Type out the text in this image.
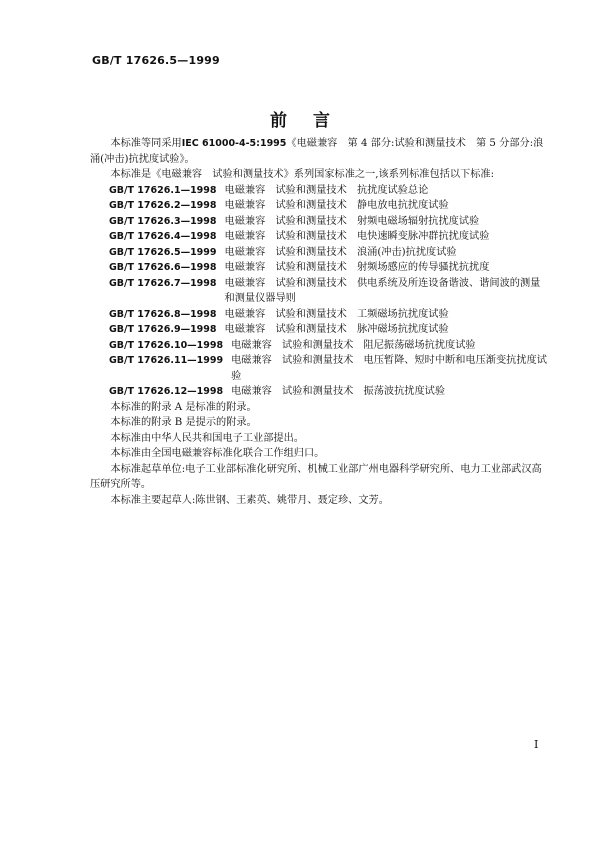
GB/T 17626.5—1999
前言

本标准等同采用IEC 61000-4-5:1995《电磁兼容　第 4 部分:试验和测量技术　第 5 分部分:浪涌(冲击)抗扰度试验》。

本标准是《电磁兼容　试验和测量技术》系列国家标准之一,该系列标准包括以下标准:

GB/T 17626.1—1998 电磁兼容　试验和测量技术　抗扰度试验总论
GB/T 17626.2—1998 电磁兼容　试验和测量技术　静电放电抗扰度试验
GB/T 17626.3—1998 电磁兼容　试验和测量技术　射频电磁场辐射抗扰度试验
GB/T 17626.4—1998 电磁兼容　试验和测量技术　电快速瞬变脉冲群抗扰度试验
GB/T 17626.5—1999 电磁兼容　试验和测量技术　浪涌(冲击)抗扰度试验
GB/T 17626.6—1998 电磁兼容　试验和测量技术　射频场感应的传导骚扰抗扰度
GB/T 17626.7—1998 电磁兼容　试验和测量技术　供电系统及所连设备谐波、谐间波的测量和测量仪器导则
GB/T 17626.8—1998 电磁兼容　试验和测量技术　工频磁场抗扰度试验
GB/T 17626.9—1998 电磁兼容　试验和测量技术　脉冲磁场抗扰度试验
GB/T 17626.10—1998 电磁兼容　试验和测量技术　阻尼振荡磁场抗扰度试验
GB/T 17626.11—1999 电磁兼容　试验和测量技术　电压暂降、短时中断和电压渐变抗扰度试验
GB/T 17626.12—1998 电磁兼容　试验和测量技术　振荡波抗扰度试验

本标准的附录 A 是标准的附录。

本标准的附录 B 是提示的附录。

本标准由中华人民共和国电子工业部提出。

本标准由全国电磁兼容标准化联合工作组归口。

本标准起草单位:电子工业部标准化研究所、机械工业部广州电器科学研究所、电力工业部武汉高压研究所等。

本标准主要起草人:陈世钢、王素英、姚带月、聂定珍、文芳。

I
